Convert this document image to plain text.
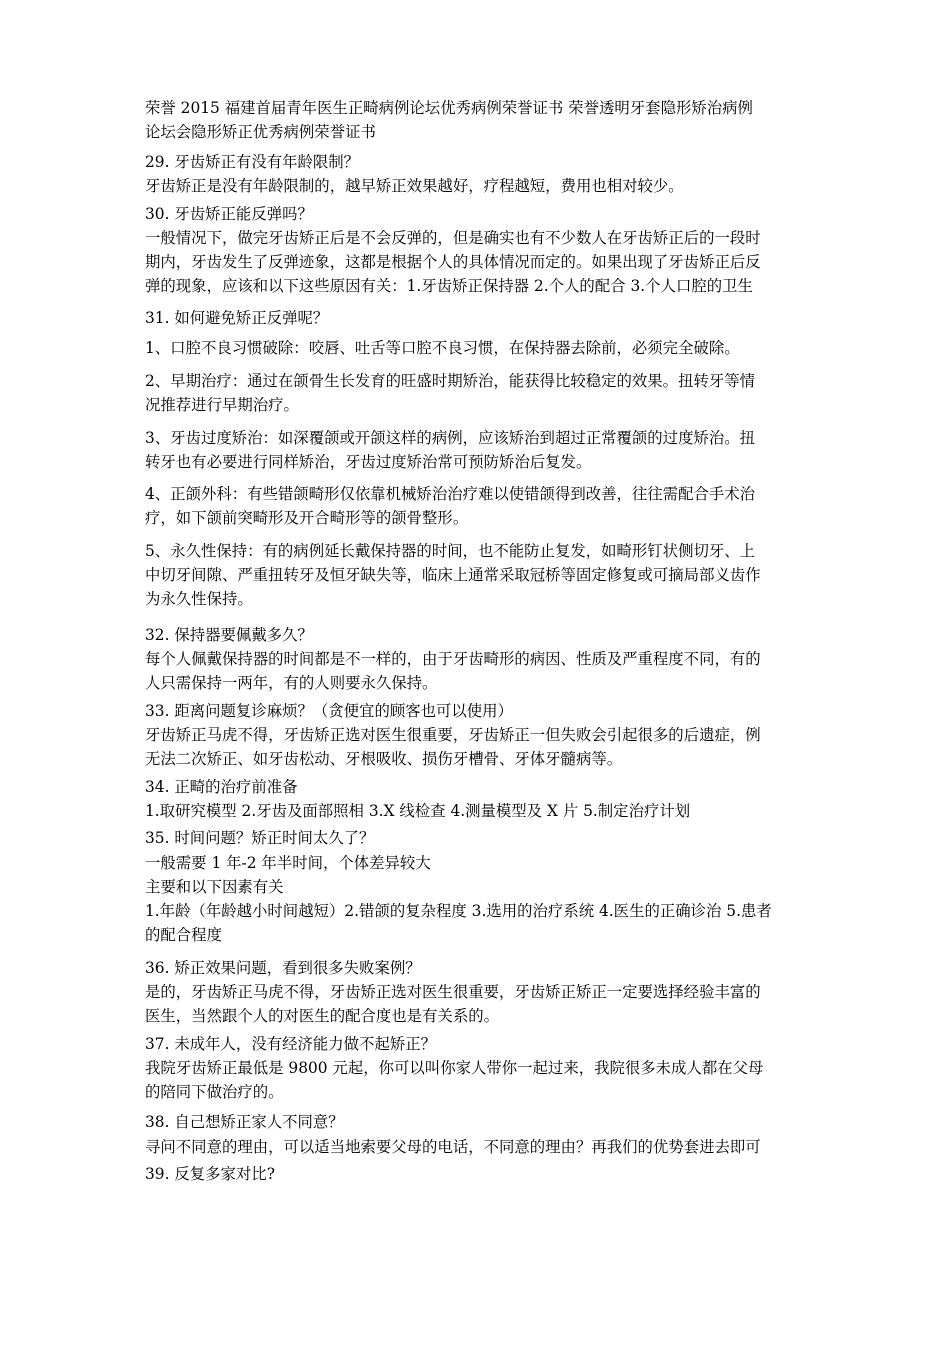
荣誉 2015 福建首届青年医生正畸病例论坛优秀病例荣誉证书 荣誉透明牙套隐形矫治病例
论坛会隐形矫正优秀病例荣誉证书
29. 牙齿矫正有没有年龄限制？
牙齿矫正是没有年龄限制的，越早矫正效果越好，疗程越短，费用也相对较少。
30. 牙齿矫正能反弹吗？
一般情况下，做完牙齿矫正后是不会反弹的，但是确实也有不少数人在牙齿矫正后的一段时
期内，牙齿发生了反弹迹象，这都是根据个人的具体情况而定的。如果出现了牙齿矫正后反
弹的现象，应该和以下这些原因有关：1.牙齿矫正保持器 2.个人的配合 3.个人口腔的卫生
31. 如何避免矫正反弹呢？
1、口腔不良习惯破除：咬唇、吐舌等口腔不良习惯，在保持器去除前，必须完全破除。
2、早期治疗：通过在颌骨生长发育的旺盛时期矫治，能获得比较稳定的效果。扭转牙等情
况推荐进行早期治疗。
3、牙齿过度矫治：如深覆颌或开颌这样的病例，应该矫治到超过正常覆颌的过度矫治。扭
转牙也有必要进行同样矫治，牙齿过度矫治常可预防矫治后复发。
4、正颌外科：有些错颌畸形仅依靠机械矫治治疗难以使错颌得到改善，往往需配合手术治
疗，如下颌前突畸形及开合畸形等的颌骨整形。
5、永久性保持：有的病例延长戴保持器的时间，也不能防止复发，如畸形钉状侧切牙、上
中切牙间隙、严重扭转牙及恒牙缺失等，临床上通常采取冠桥等固定修复或可摘局部义齿作
为永久性保持。
32. 保持器要佩戴多久？
每个人佩戴保持器的时间都是不一样的，由于牙齿畸形的病因、性质及严重程度不同，有的
人只需保持一两年，有的人则要永久保持。
33. 距离问题复诊麻烦？（贪便宜的顾客也可以使用）
牙齿矫正马虎不得，牙齿矫正选对医生很重要，牙齿矫正一但失败会引起很多的后遗症，例
无法二次矫正、如牙齿松动、牙根吸收、损伤牙槽骨、牙体牙髓病等。
34. 正畸的治疗前准备
1.取研究模型 2.牙齿及面部照相 3.X 线检查 4.测量模型及 X 片 5.制定治疗计划
35. 时间问题？矫正时间太久了？
一般需要 1 年-2 年半时间，个体差异较大
主要和以下因素有关
1.年龄（年龄越小时间越短）2.错颌的复杂程度 3.选用的治疗系统 4.医生的正确诊治 5.患者
的配合程度
36. 矫正效果问题，看到很多失败案例？
是的，牙齿矫正马虎不得，牙齿矫正选对医生很重要，牙齿矫正矫正一定要选择经验丰富的
医生，当然跟个人的对医生的配合度也是有关系的。
37. 未成年人，没有经济能力做不起矫正？
我院牙齿矫正最低是 9800 元起，你可以叫你家人带你一起过来，我院很多未成人都在父母
的陪同下做治疗的。
38. 自己想矫正家人不同意？
寻问不同意的理由，可以适当地索要父母的电话，不同意的理由？再我们的优势套进去即可
39. 反复多家对比?
